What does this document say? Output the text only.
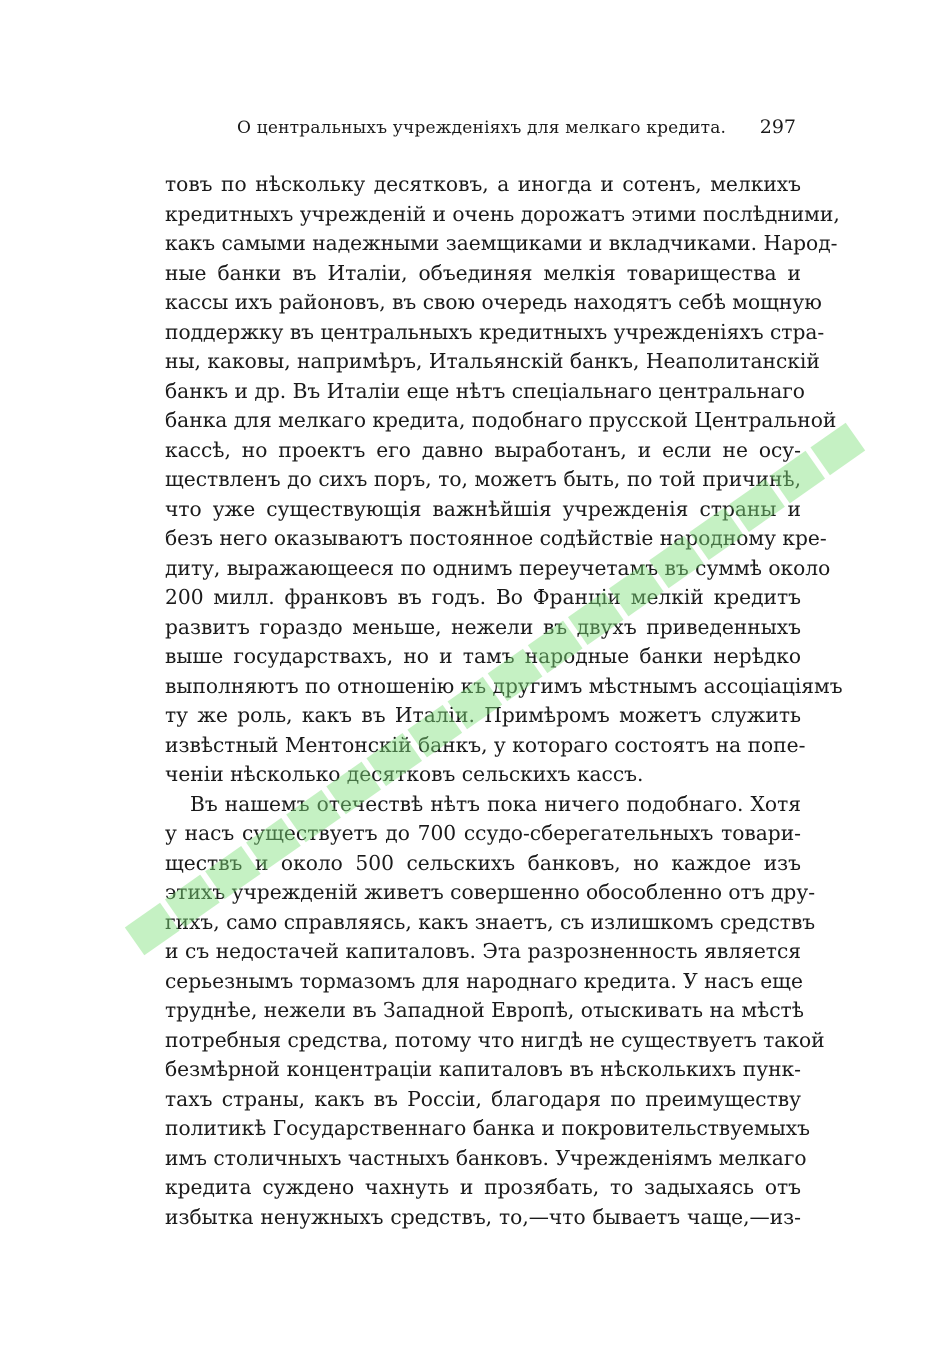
О центральныхъ учрежденіяхъ для мелкаго кредита. 297
товъ по нѣскольку десятковъ, а иногда и сотенъ, мелкихъ
кредитныхъ учрежденій и очень дорожатъ этими послѣдними,
какъ самыми надежными заемщиками и вкладчиками. Народ-
ные банки въ Италіи, объединяя мелкія товарищества и
кассы ихъ районовъ, въ свою очередь находятъ себѣ мощную
поддержку въ центральныхъ кредитныхъ учрежденіяхъ стра-
ны, каковы, напримѣръ, Итальянскій банкъ, Неаполитанскій
банкъ и др. Въ Италіи еще нѣтъ спеціальнаго центральнаго
банка для мелкаго кредита, подобнаго прусской Центральной
кассѣ, но проектъ его давно выработанъ, и если не осу-
ществленъ до сихъ поръ, то, можетъ быть, по той причинѣ,
что уже существующія важнѣйшія учрежденія страны и
безъ него оказываютъ постоянное содѣйствіе народному кре-
диту, выражающееся по однимъ переучетамъ въ суммѣ около
200 милл. франковъ въ годъ. Во Франціи мелкій кредитъ
развитъ гораздо меньше, нежели въ двухъ приведенныхъ
выше государствахъ, но и тамъ народные банки нерѣдко
выполняютъ по отношенію къ другимъ мѣстнымъ ассоціаціямъ
ту же роль, какъ въ Италіи. Примѣромъ можетъ служить
извѣстный Ментонскій банкъ, у котораго состоятъ на попе-
ченіи нѣсколько десятковъ сельскихъ кассъ.
Въ нашемъ отечествѣ нѣтъ пока ничего подобнаго. Хотя
у насъ существуетъ до 700 ссудо-сберегательныхъ товари-
ществъ и около 500 сельскихъ банковъ, но каждое изъ
этихъ учрежденій живетъ совершенно обособленно отъ дру-
гихъ, само справляясь, какъ знаетъ, съ излишкомъ средствъ
и съ недостачей капиталовъ. Эта разрозненность является
серьезнымъ тормазомъ для народнаго кредита. У насъ еще
труднѣе, нежели въ Западной Европѣ, отыскивать на мѣстѣ
потребныя средства, потому что нигдѣ не существуетъ такой
безмѣрной концентраціи капиталовъ въ нѣсколькихъ пунк-
тахъ страны, какъ въ Россіи, благодаря по преимуществу
политикѣ Государственнаго банка и покровительствуемыхъ
имъ столичныхъ частныхъ банковъ. Учрежденіямъ мелкаго
кредита суждено чахнуть и прозябать, то задыхаясь отъ
избытка ненужныхъ средствъ, то,—что бываетъ чаще,—из-
